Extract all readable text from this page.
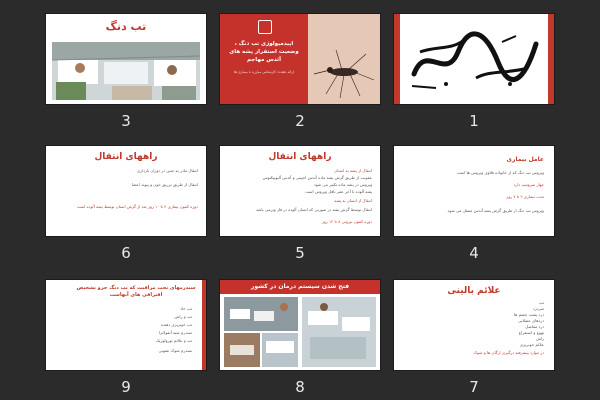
تب دنگ
3
اپیدمیولوژی تب دنگ ، وضعیت استقرار پشه های آئدس مهاجم
ارائه دهنده: کارشناس مبارزه با بیماری ها
2	1
راههای انتقال
انتقال مادر به جنین در دوران بارداری
انتقال از طریق تزریق خون و پیوند اعضا
دوره کمون بیماری ۴ تا ۱۰ روز بعد از گزش انسان توسط پشه آلوده است
6
راههای انتقال
انتقال از پشه به انسان
عفونت از طریق گزش پشه ماده آئدس اجیپتی و آئدس آلبوپیکتوس
ویروس در پشه ماده تکثیر می شود
پشه آلوده تا آخر عمر ناقل ویروس است
انتقال از انسان به پشه
انتقال توسط گزش پشه در صورتی که انسان آلوده در فاز ویرمی باشد
دوره کمون بیرونی ۸ تا ۱۲ روز
5
عامل بیماری
ویروس تب دنگ که از خانواده فلاوی ویروس ها است
چهار سروتیپ دارد
مدت بیماری ۲ تا ۷ روز
ویروس تب دنگ از طریق گزش پشه آئدس منتقل می شود
4
سندرمهای تحت مراقبت که تب دنگ جزو تشخیص افتراقی های آنهاست
تب حاد
تب و راش
تب خونریزی دهنده
سندرم شبه آنفولانزا
تب و علائم نورولوژیک
سندرم شوک عفونی
9
فتح شدن سیستم درمان در کشور
8
علائم بالینی
تب
سردرد
درد پشت چشم ها
دردهای عضلانی
درد مفاصل
تهوع و استفراغ
راش
علائم خونریزی
در موارد پیشرفته درگیری ارگان ها و شوک
7
